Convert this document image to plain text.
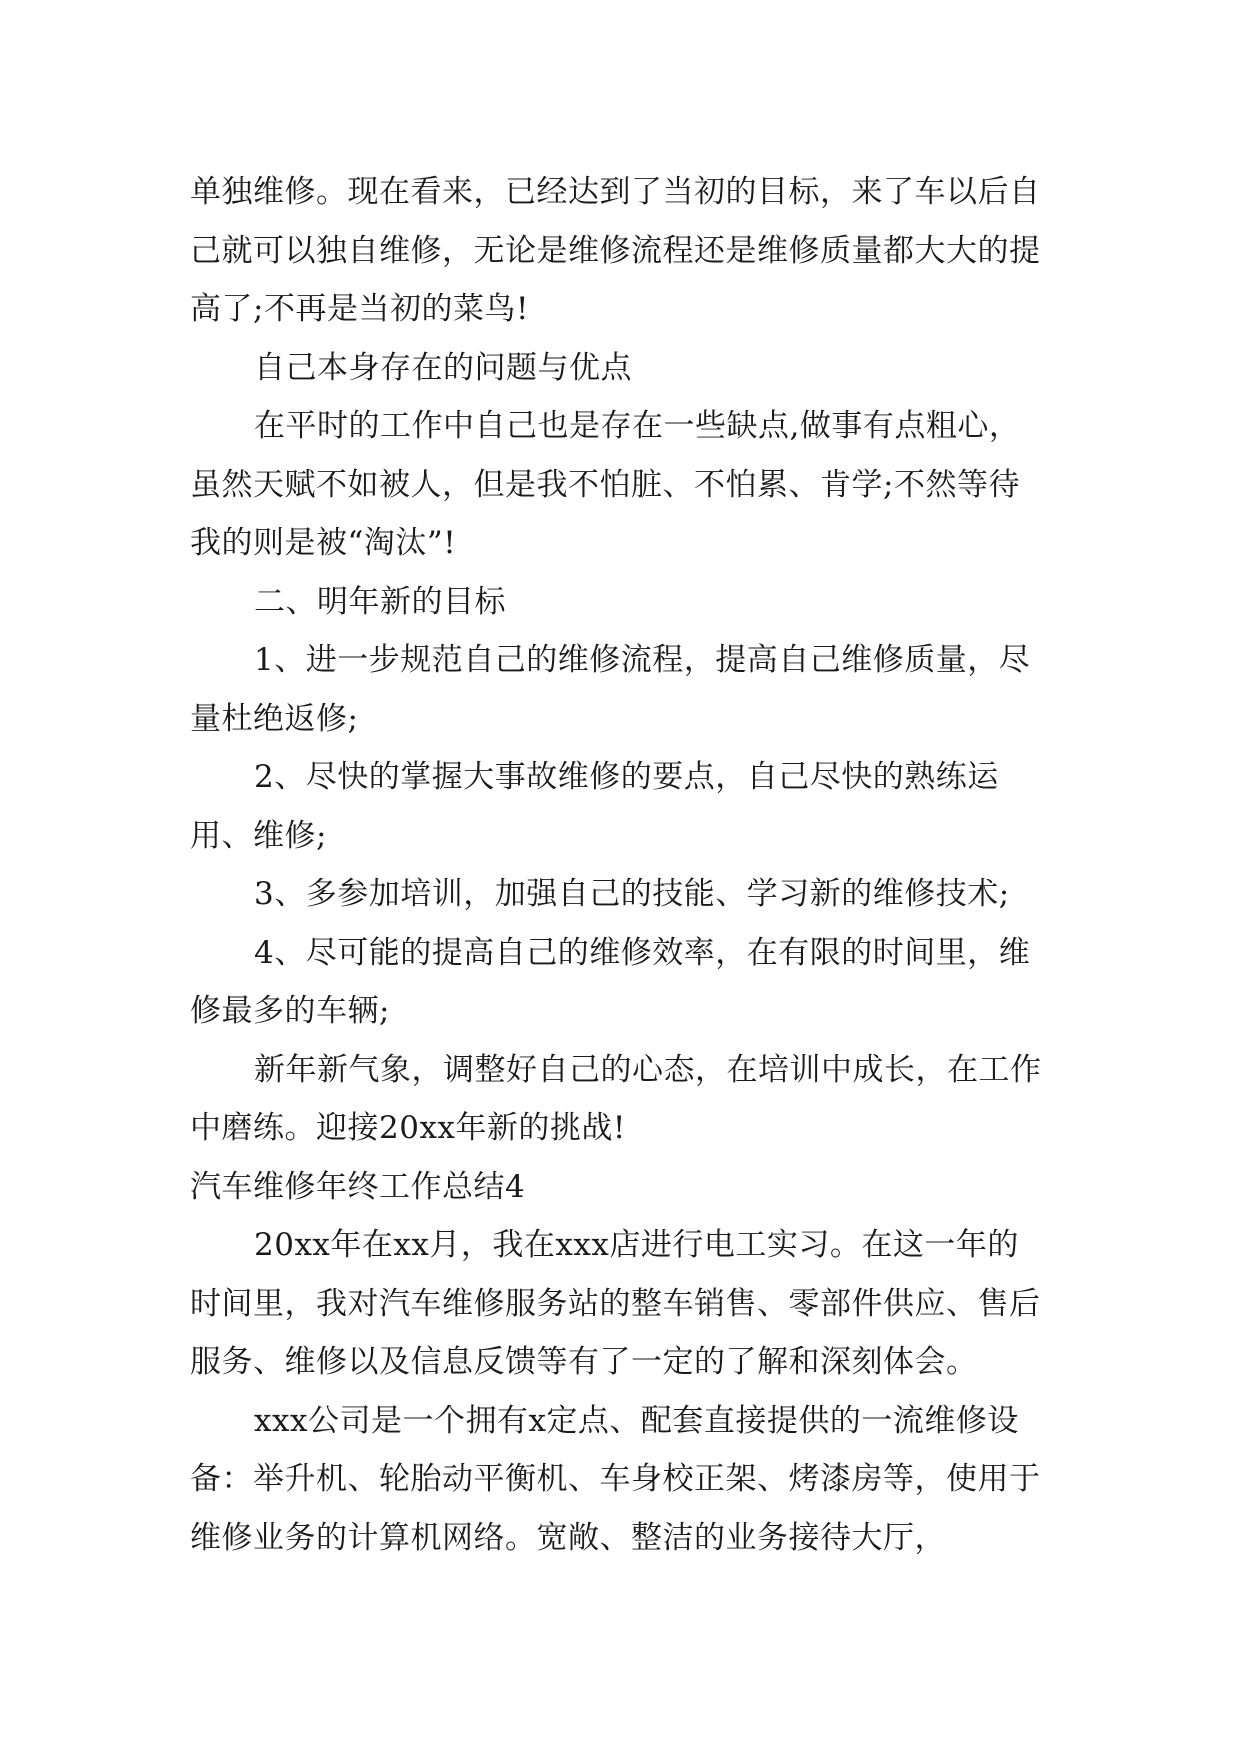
单独维修。现在看来，已经达到了当初的目标，来了车以后自己就可以独自维修，无论是维修流程还是维修质量都大大的提高了;不再是当初的菜鸟!

自己本身存在的问题与优点

在平时的工作中自己也是存在一些缺点,做事有点粗心，虽然天赋不如被人，但是我不怕脏、不怕累、肯学;不然等待我的则是被“淘汰”!

二、明年新的目标

1、进一步规范自己的维修流程，提高自己维修质量，尽量杜绝返修;

2、尽快的掌握大事故维修的要点，自己尽快的熟练运用、维修;

3、多参加培训，加强自己的技能、学习新的维修技术;

4、尽可能的提高自己的维修效率，在有限的时间里，维修最多的车辆;

新年新气象，调整好自己的心态，在培训中成长，在工作中磨练。迎接20xx年新的挑战!

汽车维修年终工作总结4

20xx年在xx月，我在xxx店进行电工实习。在这一年的时间里，我对汽车维修服务站的整车销售、零部件供应、售后服务、维修以及信息反馈等有了一定的了解和深刻体会。

xxx公司是一个拥有x定点、配套直接提供的一流维修设备：举升机、轮胎动平衡机、车身校正架、烤漆房等，使用于维修业务的计算机网络。宽敞、整洁的业务接待大厅，
